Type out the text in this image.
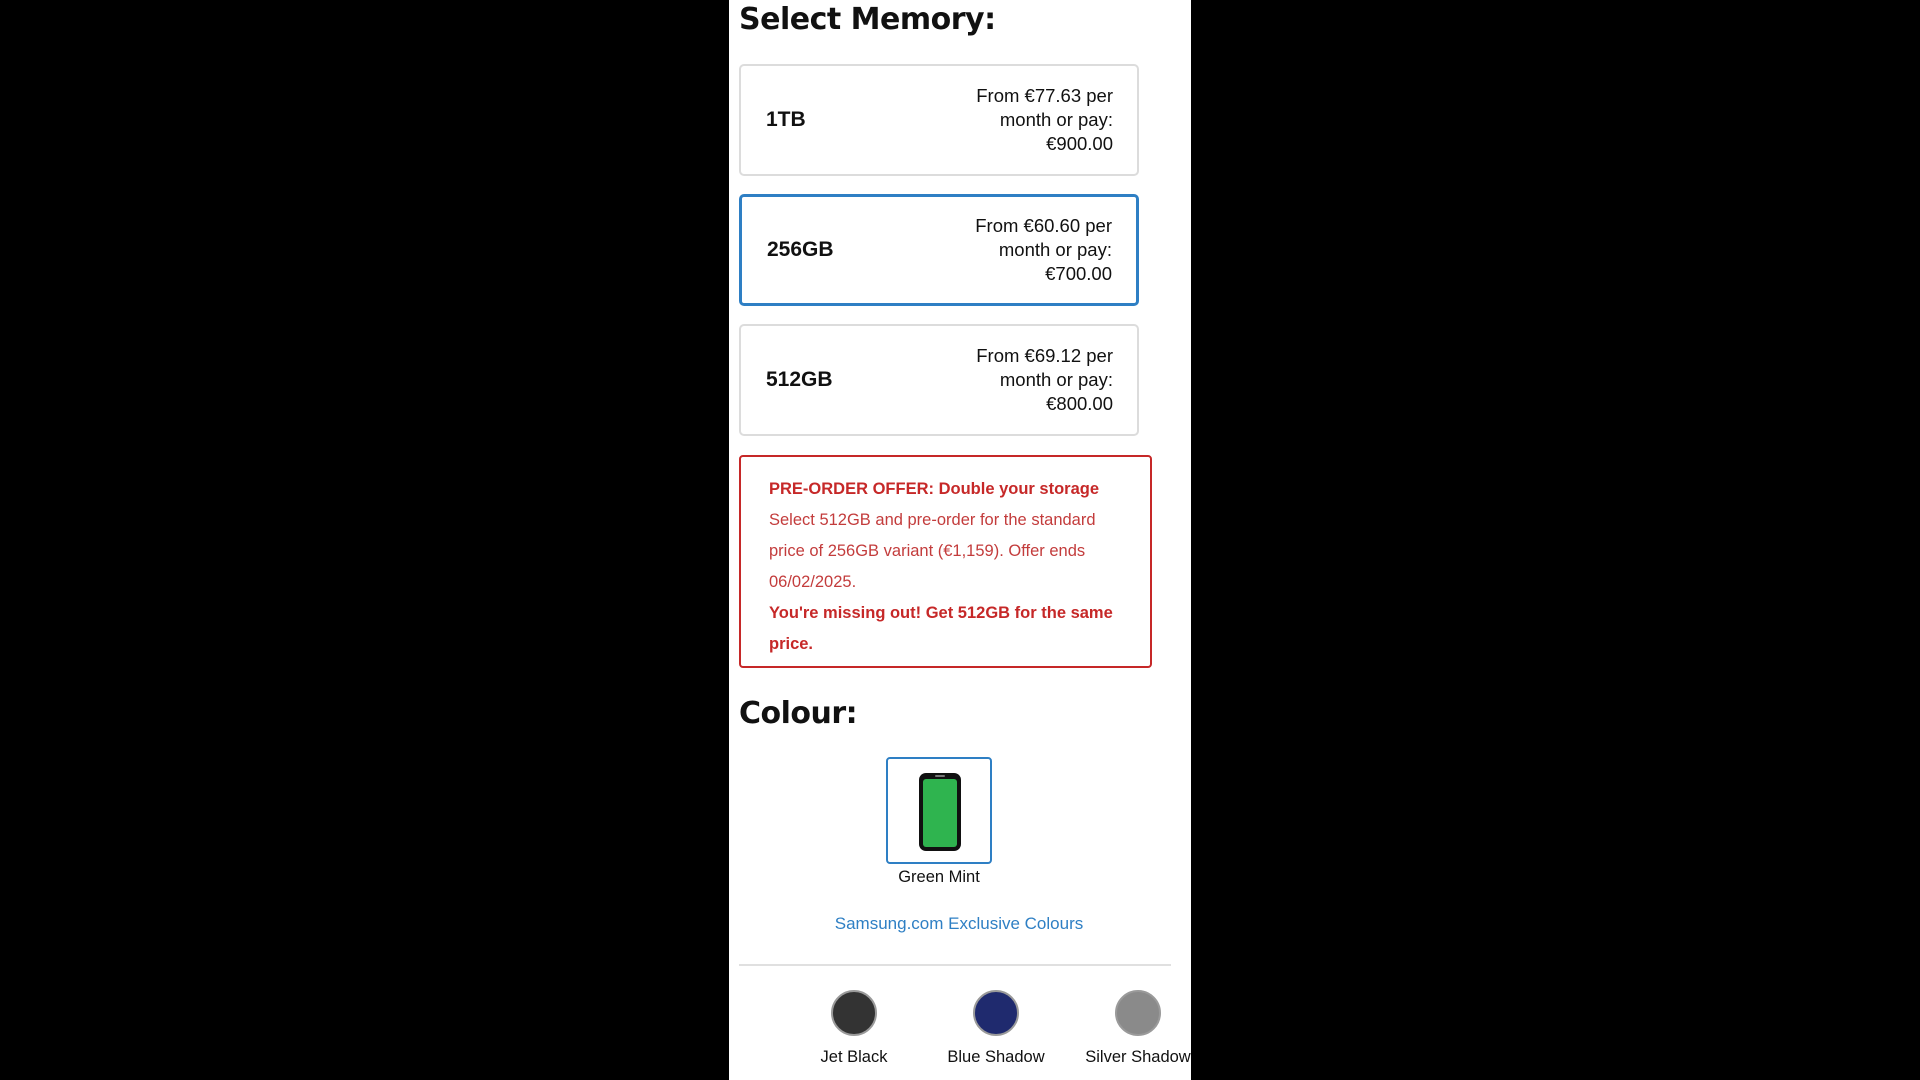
Select Memory:
1TB
From €77.63 per month or pay: €900.00
256GB
From €60.60 per month or pay: €700.00
512GB
From €69.12 per month or pay: €800.00
PRE-ORDER OFFER: Double your storage
Select 512GB and pre-order for the standard price of 256GB variant (€1,159). Offer ends 06/02/2025.
You're missing out! Get 512GB for the same price.
Colour:
Green Mint
Samsung.com Exclusive Colours
Jet Black	Blue Shadow	Silver Shadow
